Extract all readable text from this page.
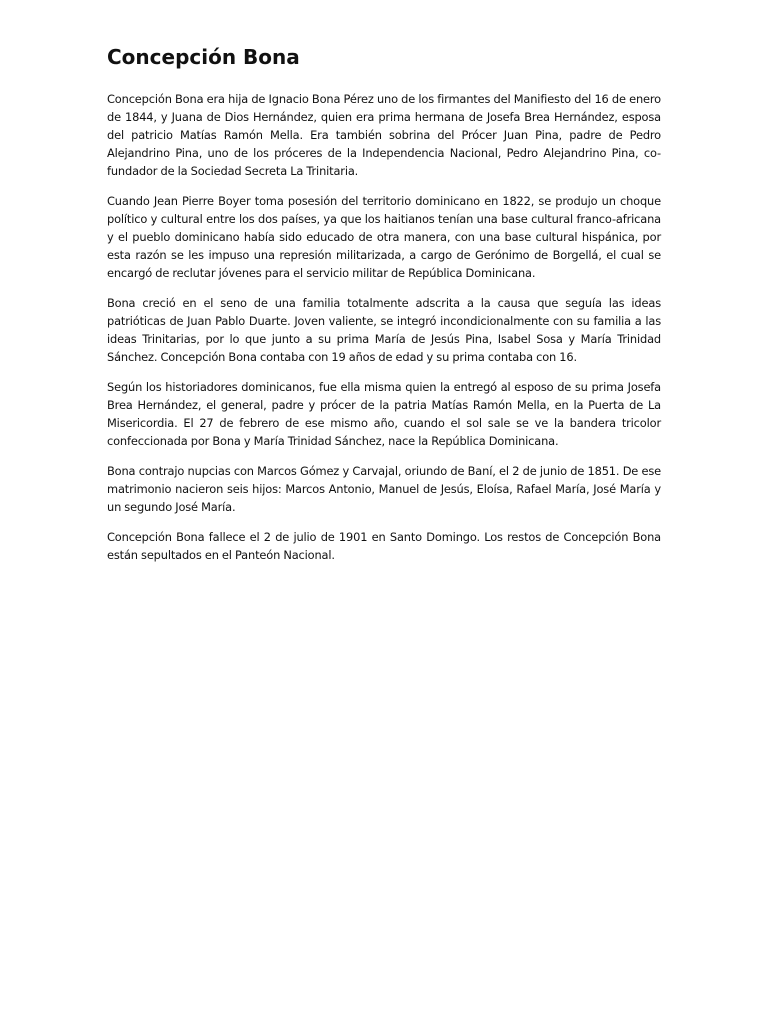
Concepción Bona

Concepción Bona era hija de Ignacio Bona Pérez uno de los firmantes del Manifiesto del 16 de enero de 1844, y Juana de Dios Hernández, quien era prima hermana de Josefa Brea Hernández, esposa del patricio Matías Ramón Mella. Era también sobrina del Prócer Juan Pina, padre de Pedro Alejandrino Pina, uno de los próceres de la Independencia Nacional, Pedro Alejandrino Pina, co-fundador de la Sociedad Secreta La Trinitaria.

Cuando Jean Pierre Boyer toma posesión del territorio dominicano en 1822, se produjo un choque político y cultural entre los dos países, ya que los haitianos tenían una base cultural franco-africana y el pueblo dominicano había sido educado de otra manera, con una base cultural hispánica, por esta razón se les impuso una represión militarizada, a cargo de Gerónimo de Borgellá, el cual se encargó de reclutar jóvenes para el servicio militar de República Dominicana.

Bona creció en el seno de una familia totalmente adscrita a la causa que seguía las ideas patrióticas de Juan Pablo Duarte. Joven valiente, se integró incondicionalmente con su familia a las ideas Trinitarias, por lo que junto a su prima María de Jesús Pina, Isabel Sosa y María Trinidad Sánchez. Concepción Bona contaba con 19 años de edad y su prima contaba con 16.

Según los historiadores dominicanos, fue ella misma quien la entregó al esposo de su prima Josefa Brea Hernández, el general, padre y prócer de la patria Matías Ramón Mella, en la Puerta de La Misericordia. El 27 de febrero de ese mismo año, cuando el sol sale se ve la bandera tricolor confeccionada por Bona y María Trinidad Sánchez, nace la República Dominicana.

Bona contrajo nupcias con Marcos Gómez y Carvajal, oriundo de Baní, el 2 de junio de 1851. De ese matrimonio nacieron seis hijos: Marcos Antonio, Manuel de Jesús, Eloísa, Rafael María, José María y un segundo José María.

Concepción Bona fallece el 2 de julio de 1901 en Santo Domingo. Los restos de Concepción Bona están sepultados en el Panteón Nacional.
